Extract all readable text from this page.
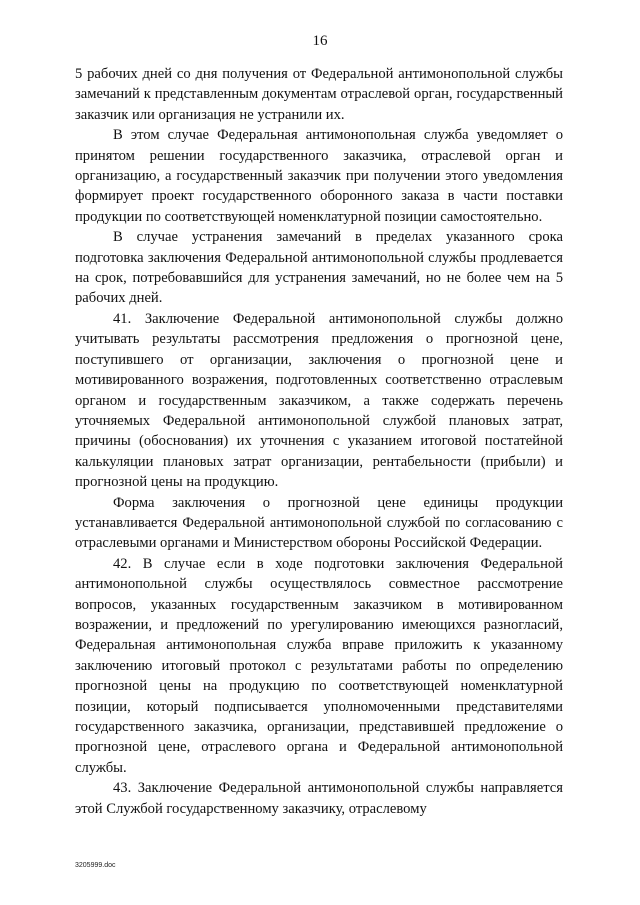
16

5 рабочих дней со дня получения от Федеральной антимонопольной службы замечаний к представленным документам отраслевой орган, государственный заказчик или организация не устранили их.

В этом случае Федеральная антимонопольная служба уведомляет о принятом решении государственного заказчика, отраслевой орган и организацию, а государственный заказчик при получении этого уведомления формирует проект государственного оборонного заказа в части поставки продукции по соответствующей номенклатурной позиции самостоятельно.

В случае устранения замечаний в пределах указанного срока подготовка заключения Федеральной антимонопольной службы продлевается на срок, потребовавшийся для устранения замечаний, но не более чем на 5 рабочих дней.

41. Заключение Федеральной антимонопольной службы должно учитывать результаты рассмотрения предложения о прогнозной цене, поступившего от организации, заключения о прогнозной цене и мотивированного возражения, подготовленных соответственно отраслевым органом и государственным заказчиком, а также содержать перечень уточняемых Федеральной антимонопольной службой плановых затрат, причины (обоснования) их уточнения с указанием итоговой постатейной калькуляции плановых затрат организации, рентабельности (прибыли) и прогнозной цены на продукцию.

Форма заключения о прогнозной цене единицы продукции устанавливается Федеральной антимонопольной службой по согласованию с отраслевыми органами и Министерством обороны Российской Федерации.

42. В случае если в ходе подготовки заключения Федеральной антимонопольной службы осуществлялось совместное рассмотрение вопросов, указанных государственным заказчиком в мотивированном возражении, и предложений по урегулированию имеющихся разногласий, Федеральная антимонопольная служба вправе приложить к указанному заключению итоговый протокол с результатами работы по определению прогнозной цены на продукцию по соответствующей номенклатурной позиции, который подписывается уполномоченными представителями государственного заказчика, организации, представившей предложение о прогнозной цене, отраслевого органа и Федеральной антимонопольной службы.

43. Заключение Федеральной антимонопольной службы направляется этой Службой государственному заказчику, отраслевому

3205999.doc
